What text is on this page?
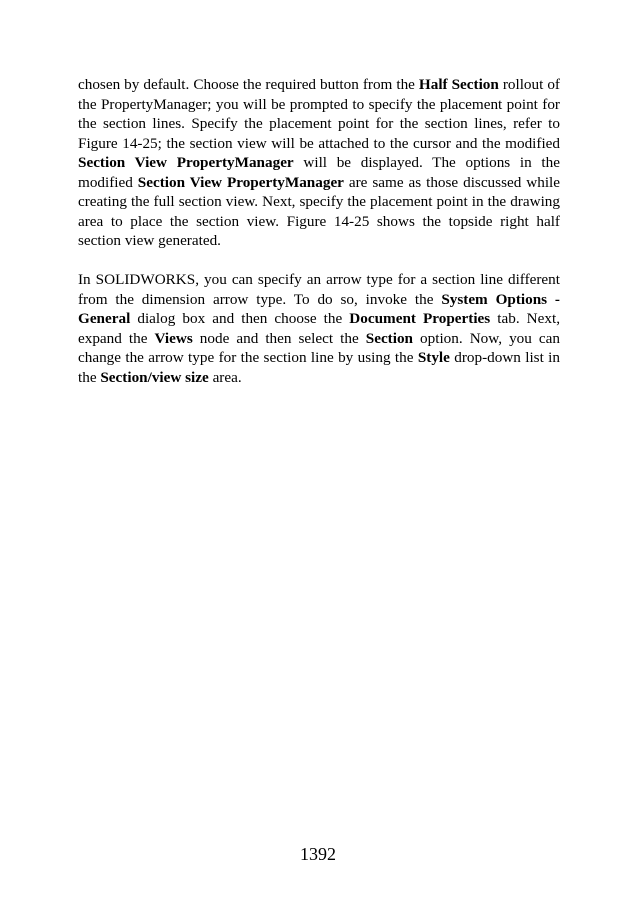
chosen by default. Choose the required button from the Half Section rollout of the PropertyManager; you will be prompted to specify the placement point for the section lines. Specify the placement point for the section lines, refer to Figure 14-25; the section view will be attached to the cursor and the modified Section View PropertyManager will be displayed. The options in the modified Section View PropertyManager are same as those discussed while creating the full section view. Next, specify the placement point in the drawing area to place the section view. Figure 14-25 shows the topside right half section view generated.

In SOLIDWORKS, you can specify an arrow type for a section line different from the dimension arrow type. To do so, invoke the System Options - General dialog box and then choose the Document Properties tab. Next, expand the Views node and then select the Section option. Now, you can change the arrow type for the section line by using the Style drop-down list in the Section/view size area.

1392
